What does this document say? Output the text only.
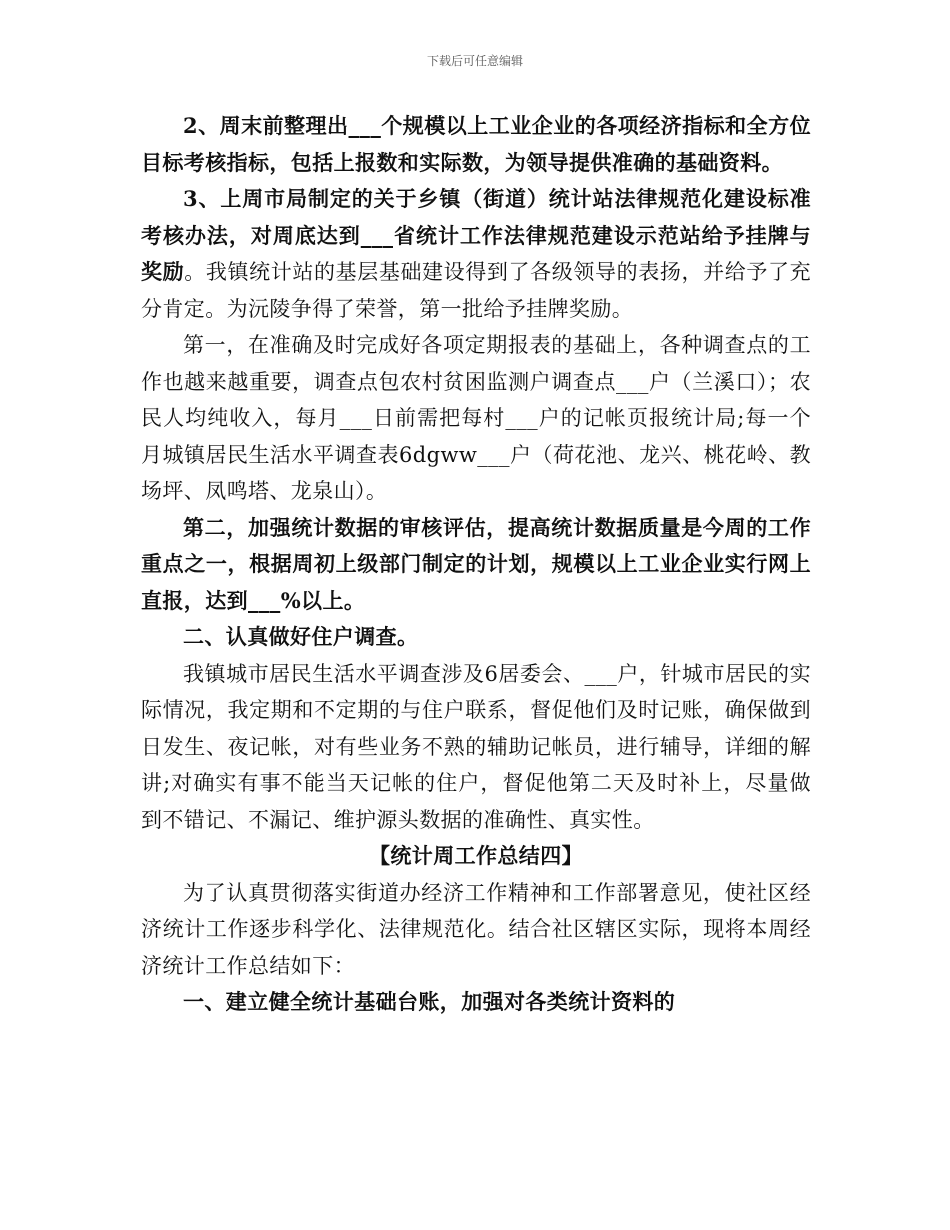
下载后可任意编辑

2、周末前整理出___个规模以上工业企业的各项经济指标和全方位目标考核指标，包括上报数和实际数，为领导提供准确的基础资料。

3、上周市局制定的关于乡镇（街道）统计站法律规范化建设标准考核办法，对周底达到___省统计工作法律规范建设示范站给予挂牌与奖励。我镇统计站的基层基础建设得到了各级领导的表扬，并给予了充分肯定。为沅陵争得了荣誉，第一批给予挂牌奖励。

第一，在准确及时完成好各项定期报表的基础上，各种调查点的工作也越来越重要，调查点包农村贫困监测户调查点___户（兰溪口）；农民人均纯收入，每月___日前需把每村___户的记帐页报统计局;每一个月城镇居民生活水平调查表6dgww___户（荷花池、龙兴、桃花岭、教场坪、凤鸣塔、龙泉山）。

第二，加强统计数据的审核评估，提高统计数据质量是今周的工作重点之一，根据周初上级部门制定的计划，规模以上工业企业实行网上直报，达到___%以上。

二、认真做好住户调查。

我镇城市居民生活水平调查涉及6居委会、___户，针城市居民的实际情况，我定期和不定期的与住户联系，督促他们及时记账，确保做到日发生、夜记帐，对有些业务不熟的辅助记帐员，进行辅导，详细的解讲;对确实有事不能当天记帐的住户，督促他第二天及时补上，尽量做到不错记、不漏记、维护源头数据的准确性、真实性。

【统计周工作总结四】

为了认真贯彻落实街道办经济工作精神和工作部署意见，使社区经济统计工作逐步科学化、法律规范化。结合社区辖区实际，现将本周经济统计工作总结如下：

一、建立健全统计基础台账，加强对各类统计资料的
